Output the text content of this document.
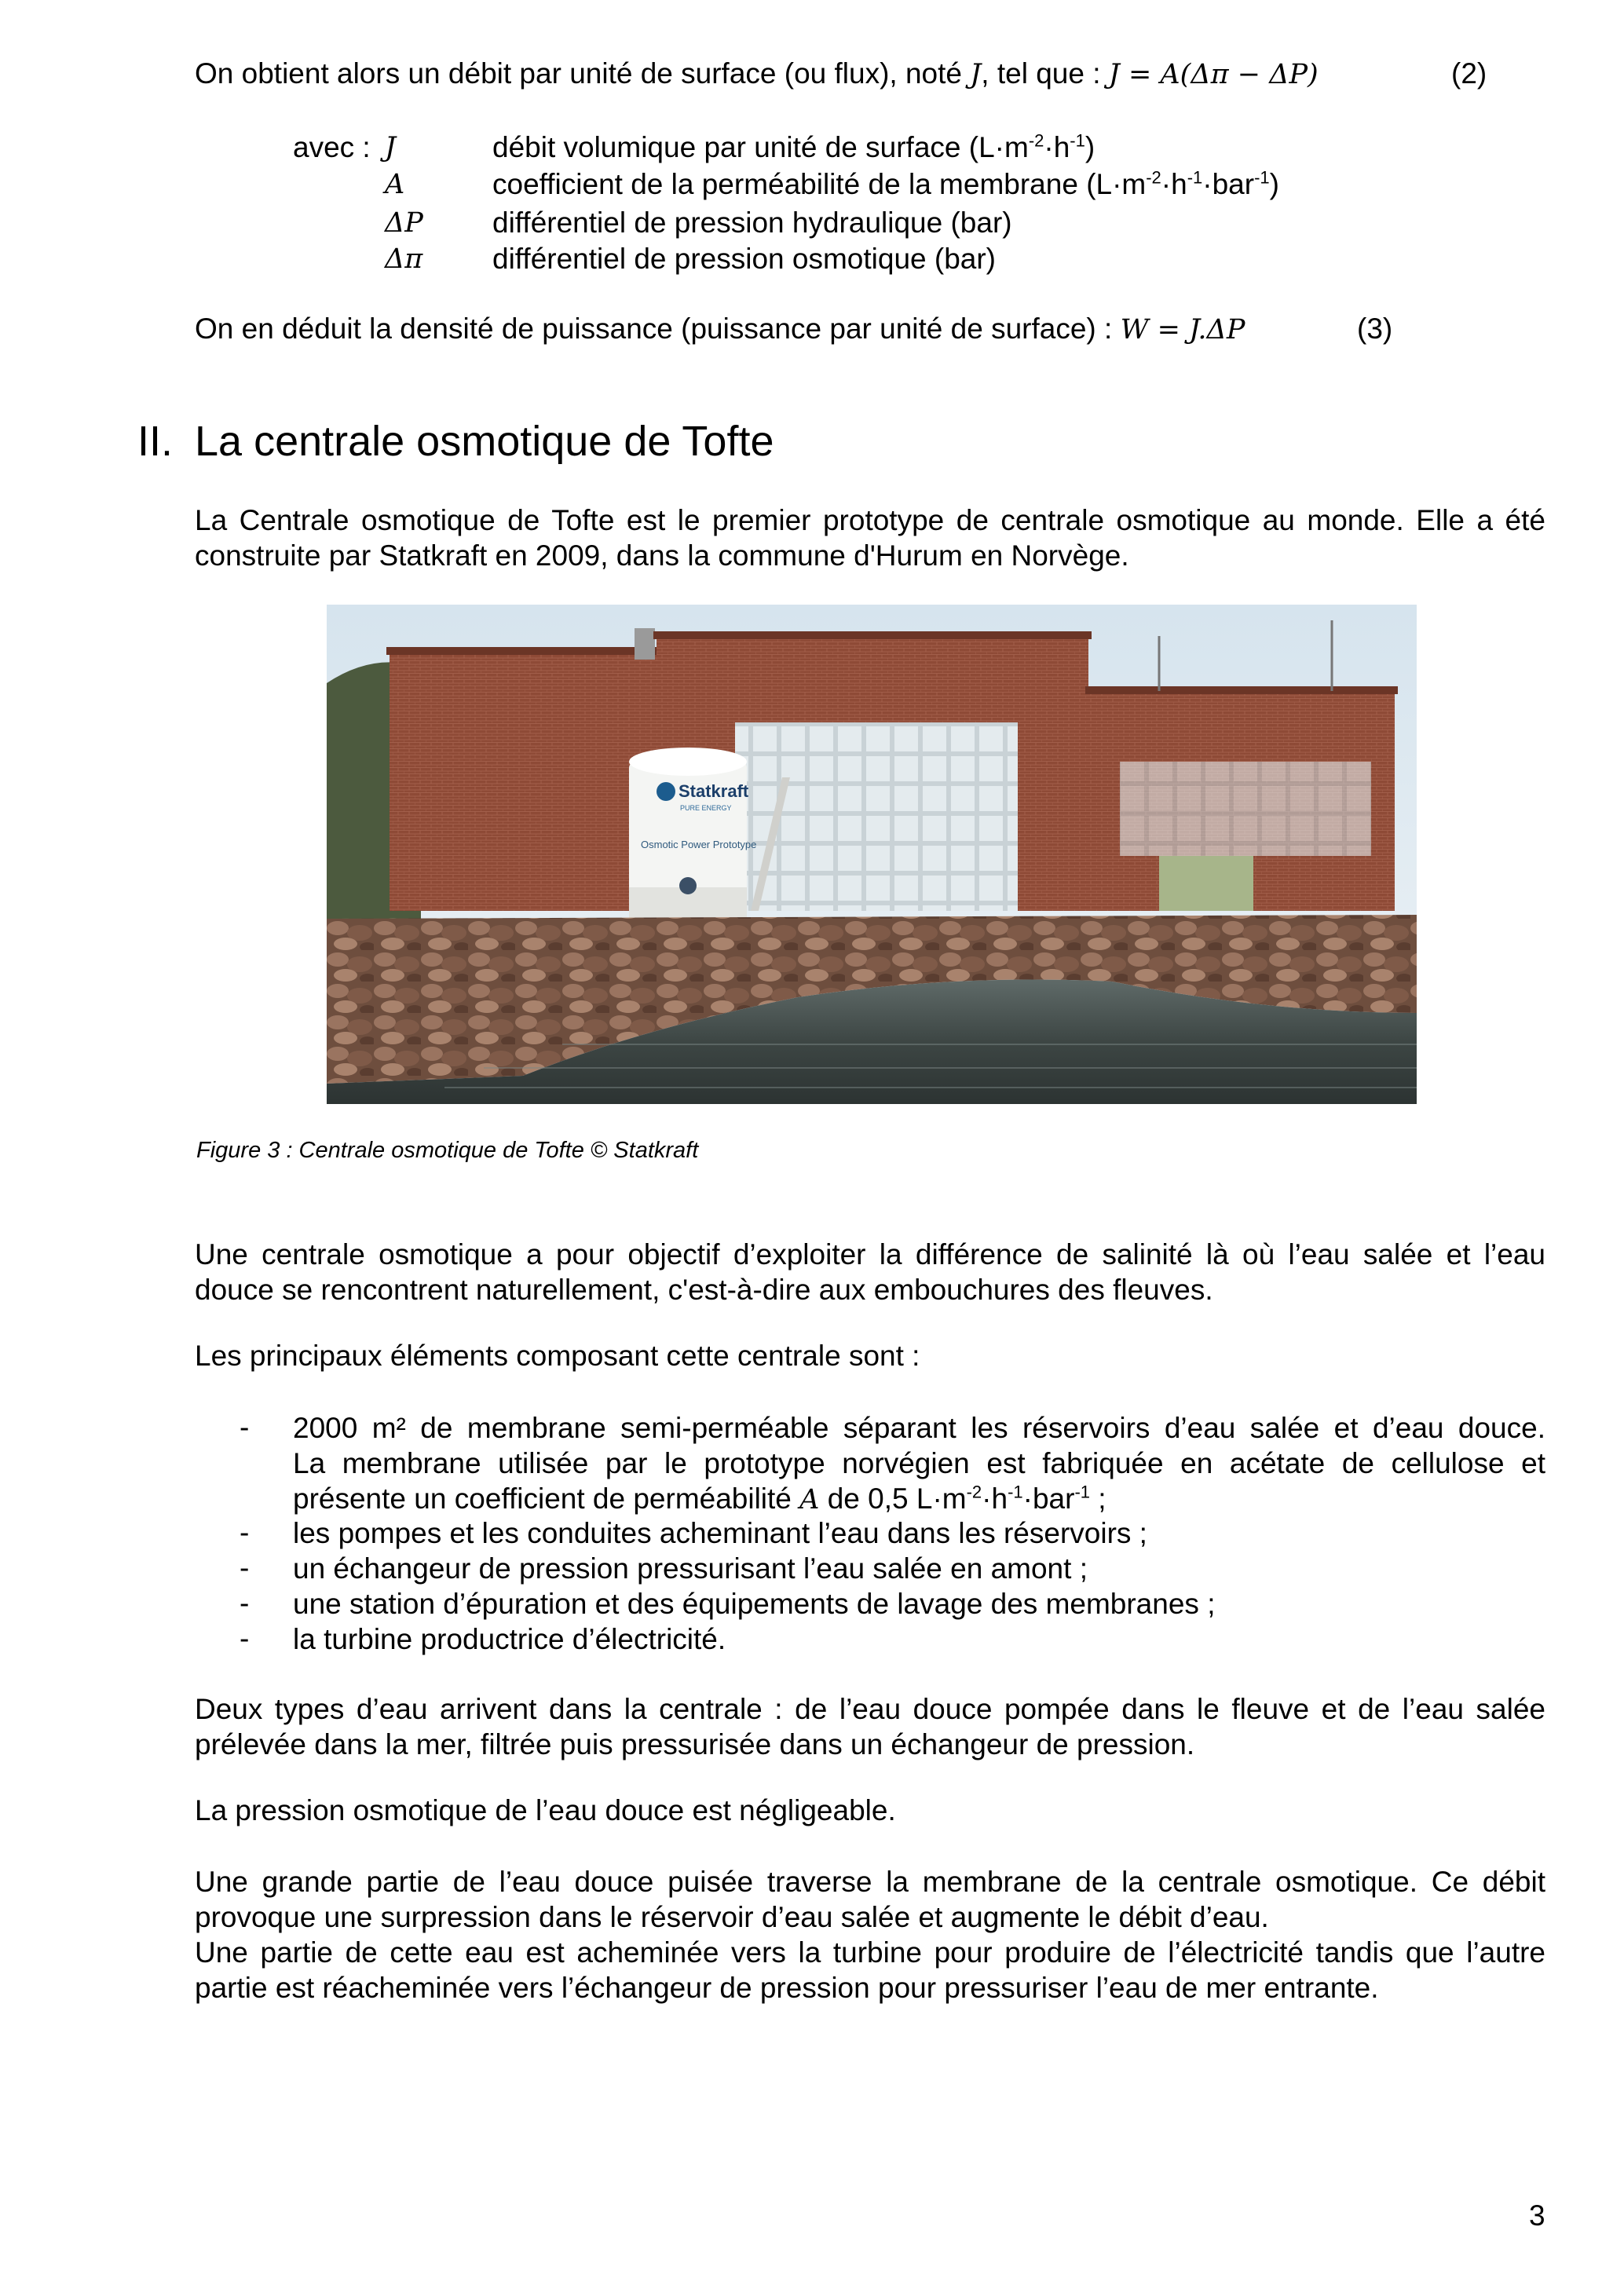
On obtient alors un débit par unité de surface (ou flux), noté J, tel que : J = A(Δπ − ΔP)	(2)
avec : J	débit volumique par unité de surface $(L\cdot m^{-2}\cdot h^{-1})$
A	coefficient de la perméabilité de la membrane $(L\cdot m^{-2}\cdot h^{-1}\cdot bar^{-1})$
ΔP différentiel de pression hydraulique (bar)
Δπ différentiel de pression osmotique (bar)
On en déduit la densité de puissance (puissance par unité de surface) : W = J.ΔP	(3)
II. La centrale osmotique de Tofte
La Centrale osmotique de Tofte est le premier prototype de centrale osmotique au monde. Elle a été
construite par Statkraft en 2009, dans la commune d'Hurum en Norvège.
Statkraft
PURE ENERGY
Osmotic Power Prototype
Figure 3 : Centrale osmotique de Tofte © Statkraft
Une centrale osmotique a pour objectif d’exploiter la différence de salinité là où l’eau salée et l’eau
douce se rencontrent naturellement, c'est-à-dire aux embouchures des fleuves.
Les principaux éléments composant cette centrale sont :
- 2000 m² de membrane semi-perméable séparant les réservoirs d’eau salée et d’eau douce.
La membrane utilisée par le prototype norvégien est fabriquée en acétate de cellulose et
présente un coefficient de perméabilité A de 0,5 $L\cdot m^{-2}\cdot h^{-1}\cdot bar^{-1}$ ;
- les pompes et les conduites acheminant l’eau dans les réservoirs ;
- un échangeur de pression pressurisant l’eau salée en amont ;
- une station d’épuration et des équipements de lavage des membranes ;
- la turbine productrice d’électricité.
Deux types d’eau arrivent dans la centrale : de l’eau douce pompée dans le fleuve et de l’eau salée
prélevée dans la mer, filtrée puis pressurisée dans un échangeur de pression.
La pression osmotique de l’eau douce est négligeable.
Une grande partie de l’eau douce puisée traverse la membrane de la centrale osmotique. Ce débit
provoque une surpression dans le réservoir d’eau salée et augmente le débit d’eau.
Une partie de cette eau est acheminée vers la turbine pour produire de l’électricité tandis que l’autre
partie est réacheminée vers l’échangeur de pression pour pressuriser l’eau de mer entrante.
3
